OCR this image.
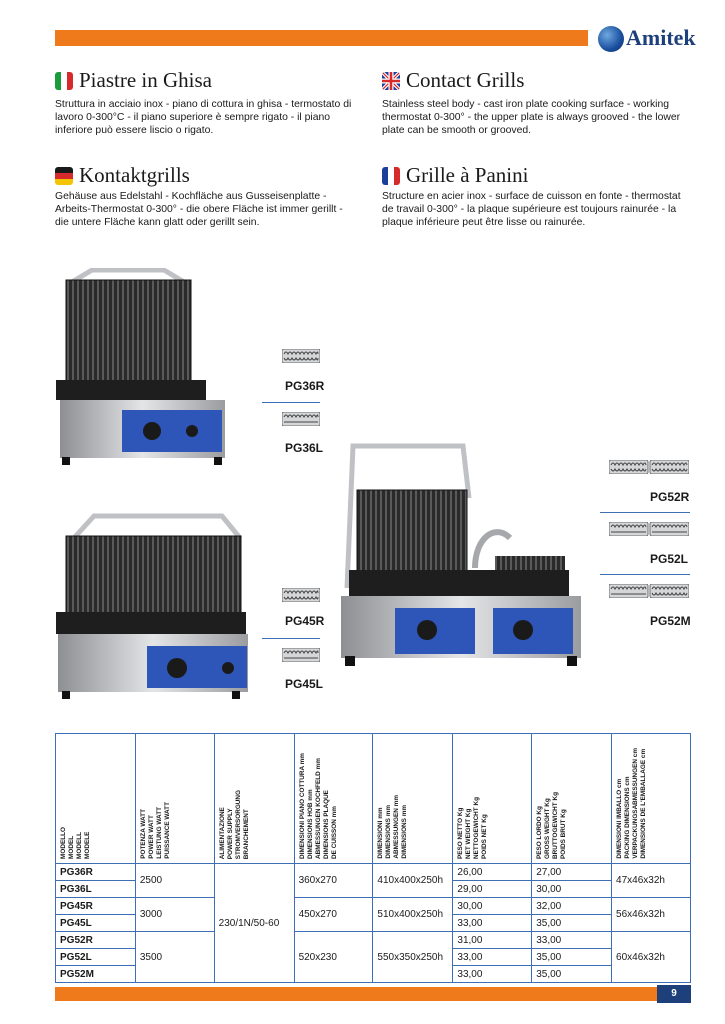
Amitek
Piastre in Ghisa
Struttura in acciaio inox - piano di cottura in ghisa - termostato di lavoro 0-300°C - il piano superiore è sempre rigato - il piano inferiore può essere liscio o rigato.
Contact Grills
Stainless steel body - cast iron plate cooking surface - working thermostat 0-300° - the upper plate is always grooved - the lower plate can be smooth or grooved.
Kontaktgrills
Gehäuse aus Edelstahl - Kochfläche aus Gusseisenplatte - Arbeits-Thermostat 0-300° - die obere Fläche ist immer gerillt - die untere Fläche kann glatt oder gerillt sein.
Grille à Panini
Structure en acier inox - surface de cuisson en fonte - thermostat de travail 0-300° - la plaque supérieure est toujours rainurée - la plaque inférieure peut être lisse ou rainurée.
PG36R
PG36L
PG45R
PG45L
PG52R
PG52L
PG52M
MODELLO MODEL MODELL MODELE	POTENZA WATT POWER WATT LEISTUNG WATT PUISSANCE WATT	ALIMENTAZIONE POWER SUPPLY STROMVERSORGUNG BRANCHEMENT	DIMENSIONI PIANO COTTURA mm DIMENSIONS HOB mm ABMESSUNGEN KOCHFELD mm DIMENSIONS PLAQUE DE CUISSON mm	DIMENSIONI mm DIMENSIONS mm ABMESSUNGEN mm DIMENSIONS mm	PESO NETTO Kg NET WEIGHT Kg NETTOGEWICHT Kg POIDS NET Kg	PESO LORDO Kg GROSS WEIGHT Kg BRUTTOGEWICHT Kg POIDS BRUT Kg	DIMENSIONI IMBALLO cm PACKING DIMENSIONS cm VERPACKUNGSABMESSUNGEN cm DIMENSIONS DE L'EMBALLAGE cm

PG36R	2500	230/1N/50-60	360x270	410x400x250h	26,00	27,00	47x46x32h
PG36L					29,00	30,00	
PG45R	3000		450x270	510x400x250h	30,00	32,00	56x46x32h
PG45L					33,00	35,00	
PG52R	3500		520x230	550x350x250h	31,00	33,00	60x46x32h
PG52L					33,00	35,00	
PG52M					33,00	35,00	
9
